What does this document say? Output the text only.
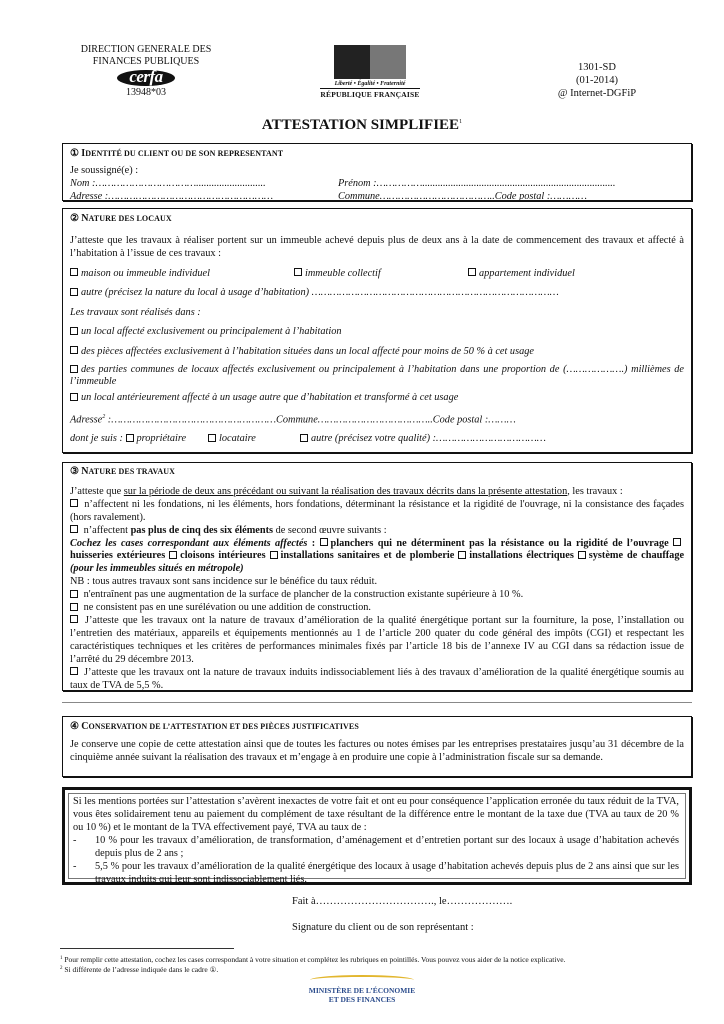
DIRECTION GENERALE DES
FINANCES PUBLIQUES
cerfa
13948*03
Liberté • Égalité • Fraternité
RÉPUBLIQUE FRANÇAISE
1301-SD
(01-2014)
@ Internet-DGFiP
ATTESTATION SIMPLIFIEE$^1$
① IDENTITÉ DU CLIENT OU DE SON REPRESENTANT
Je soussigné(e) :
Nom :……………………………...........................	Prénom :……………...........................................................................
Adresse :………………………………………………	Commune………………………………..Code postal :…………
② NATURE DES LOCAUX
J’atteste que les travaux à réaliser portent sur un immeuble achevé depuis plus de deux ans à la date de commencement des travaux et affecté à l’habitation à l’issue de ces travaux :
maison ou immeuble individuel	immeuble collectif	appartement individuel
autre (précisez la nature du local à usage d’habitation) ………………………………………………………………………
Les travaux sont réalisés dans :
un local affecté exclusivement ou principalement à l’habitation
des pièces affectées exclusivement à l’habitation situées dans un local affecté pour moins de 50 % à cet usage
des parties communes de locaux affectés exclusivement ou principalement à l’habitation dans une proportion de (……………….) millièmes de l’immeuble
un local antérieurement affecté à un usage autre que d’habitation et transformé à cet usage
Adresse$^2$ :………………………………………………Commune………………………………..Code postal :………
dont je suis : propriétaire	locataire	autre (précisez votre qualité) :………………………………
③ NATURE DES TRAVAUX
J’atteste que sur la période de deux ans précédant ou suivant la réalisation des travaux décrits dans la présente attestation, les travaux :
n’affectent ni les fondations, ni les éléments, hors fondations, déterminant la résistance et la rigidité de l'ouvrage, ni la consistance des façades (hors ravalement).
n’affectent pas plus de cinq des six éléments de second œuvre suivants :
Cochez les cases correspondant aux éléments affectés : planchers qui ne déterminent pas la résistance ou la rigidité de l’ouvrage huisseries extérieures cloisons intérieures installations sanitaires et de plomberie installations électriques système de chauffage (pour les immeubles situés en métropole)
NB : tous autres travaux sont sans incidence sur le bénéfice du taux réduit.
n'entraînent pas une augmentation de la surface de plancher de la construction existante supérieure à 10 %.
ne consistent pas en une surélévation ou une addition de construction.
J’atteste que les travaux ont la nature de travaux d’amélioration de la qualité énergétique portant sur la fourniture, la pose, l’installation ou l’entretien des matériaux, appareils et équipements mentionnés au 1 de l’article 200 quater du code général des impôts (CGI) et respectant les caractéristiques techniques et les critères de performances minimales fixés par l’article 18 bis de l’annexe IV au CGI dans sa rédaction issue de l’arrêté du 29 décembre 2013.
J’atteste que les travaux ont la nature de travaux induits indissociablement liés à des travaux d’amélioration de la qualité énergétique soumis au taux de TVA de 5,5 %.
④ CONSERVATION DE L’ATTESTATION ET DES PIÈCES JUSTIFICATIVES
Je conserve une copie de cette attestation ainsi que de toutes les factures ou notes émises par les entreprises prestataires jusqu’au 31 décembre de la cinquième année suivant la réalisation des travaux et m’engage à en produire une copie à l’administration fiscale sur sa demande.
Si les mentions portées sur l’attestation s’avèrent inexactes de votre fait et ont eu pour conséquence l’application erronée du taux réduit de la TVA, vous êtes solidairement tenu au paiement du complément de taxe résultant de la différence entre le montant de la taxe due (TVA au taux de 20 % ou 10 %) et le montant de la TVA effectivement payé, TVA au taux de :
-	10 % pour les travaux d’amélioration, de transformation, d’aménagement et d’entretien portant sur des locaux à usage d’habitation achevés depuis plus de 2 ans ;
-	5,5 % pour les travaux d’amélioration de la qualité énergétique des locaux à usage d’habitation achevés depuis plus de 2 ans ainsi que sur les travaux induits qui leur sont indissociablement liés.
Fait à……………………………., le……………….
Signature du client ou de son représentant :
$^1$ Pour remplir cette attestation, cochez les cases correspondant à votre situation et complétez les rubriques en pointillés. Vous pouvez vous aider de la notice explicative.
$^2$ Si différente de l’adresse indiquée dans le cadre ①.
MINISTÈRE DE L’ÉCONOMIE
ET DES FINANCES
